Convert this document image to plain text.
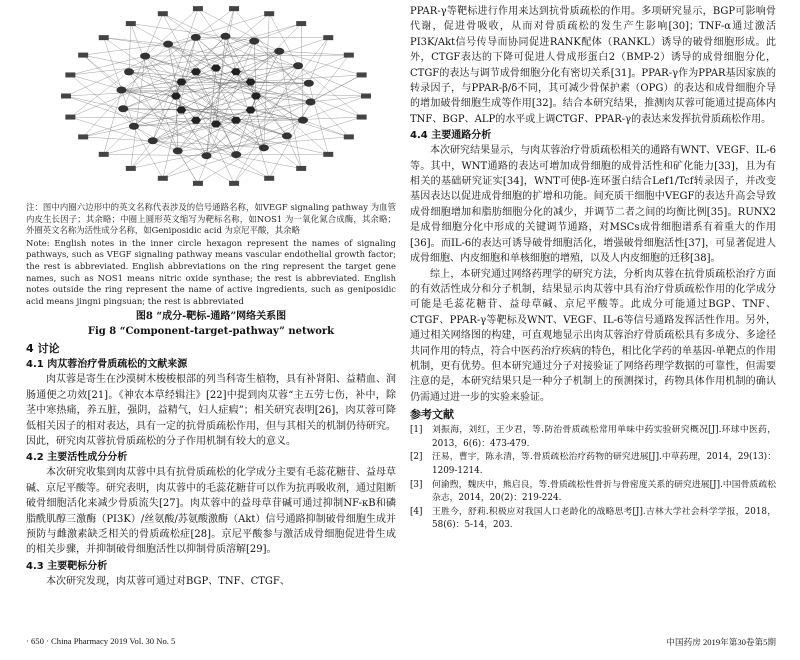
注：图中内圈六边形中的英文名称代表涉及的信号通路名称，如VEGF signaling pathway 为血管内皮生长因子；其余略；中圈上圆形英文缩写为靶标名称，如NOS1 为一氧化氮合成酶，其余略；外圈英文名称为活性成分名称，如Geniposidic acid 为京尼平酸，其余略

Note: English notes in the inner circle hexagon represent the names of signaling pathways, such as VEGF signaling pathway means vascular endothelial growth factor; the rest is abbreviated. English abbreviations on the ring represent the target gene names, such as NOS1 means nitric oxide synthase; the rest is abbreviated. English notes outside the ring represent the name of active ingredients, such as geniposidic acid means jingni pingsuan; the rest is abbreviated

图8 “成分-靶标-通路”网络关系图
Fig 8 “Component-target-pathway” network
4 讨论
4.1 肉苁蓉治疗骨质疏松的文献来源

肉苁蓉是寄生在沙漠树木梭梭根部的列当科寄生植物，具有补肾阳、益精血、润肠通便之功效[21]。《神农本草经辑注》[22]中提到肉苁蓉“主五劳七伤，补中，除茎中寒热痛，养五脏，强阴，益精气，妇人症瘕”；相关研究表明[26]，肉苁蓉可降低相关因子的相对表达，具有一定的抗骨质疏松作用，但与其相关的机制仍待研究。因此，研究肉苁蓉抗骨质疏松的分子作用机制有较大的意义。

4.2 主要活性成分分析

本次研究收集到肉苁蓉中具有抗骨质疏松的化学成分主要有毛蕊花糖苷、益母草碱、京尼平酸等。研究表明，肉苁蓉中的毛蕊花糖苷可以作为抗再吸收剂，通过阻断破骨细胞活化来减少骨质流失[27]。肉苁蓉中的益母草苷碱可通过抑制NF-κB和磷脂酰肌醇三激酶（PI3K）/丝氨酸/苏氨酸激酶（Akt）信号通路抑制破骨细胞生成并预防与雌激素缺乏相关的骨质疏松症[28]。京尼平酸参与激活成骨细胞促进骨生成的相关步骤，并抑制破骨细胞活性以抑制骨质溶解[29]。

4.3 主要靶标分析

本次研究发现，肉苁蓉可通过对BGP、TNF、CTGF、

PPAR-γ等靶标进行作用来达到抗骨质疏松的作用。多项研究显示，BGP可影响骨代谢，促进骨吸收，从而对骨质疏松的发生产生影响[30]；TNF-α通过激活PI3K/Akt信号传导而协同促进RANK配体（RANKL）诱导的破骨细胞形成。此外，CTGF表达的下降可促进人骨成形蛋白2（BMP-2）诱导的成骨细胞分化，CTGF的表达与调节成骨细胞分化有密切关系[31]。PPAR-γ作为PPAR基因家族的转录因子，与PPAR-β/δ不同，其可减少骨保护素（OPG）的表达和成骨细胞介导的增加破骨细胞生成等作用[32]。结合本研究结果，推测肉苁蓉可能通过提高体内TNF、BGP、ALP的水平或上调CTGF、PPAR-γ的表达来发挥抗骨质疏松作用。

4.4 主要通路分析

本次研究结果显示，与肉苁蓉治疗骨质疏松相关的通路有WNT、VEGF、IL-6等。其中，WNT通路的表达可增加成骨细胞的成骨活性和矿化能力[33]，且为有相关的基础研究证实[34]，WNT可使β-连环蛋白结合Lef1/Tcf转录因子，并改变基因表达以促进成骨细胞的扩增和功能。间充质干细胞中VEGF的表达升高会导致成骨细胞增加和脂肪细胞分化的减少，并调节二者之间的均衡比例[35]。RUNX2是成骨细胞分化中形成的关键调节通路，对MSCs成骨细胞谱系有着重大的作用[36]。而IL-6的表达可诱导破骨细胞活化，增强破骨细胞活性[37]，可显著促进人成骨细胞、内皮细胞和单核细胞的增殖，以及人内皮细胞的迁移[38]。

综上，本研究通过网络药理学的研究方法，分析肉苁蓉在抗骨质疏松治疗方面的有效活性成分和分子机制，结果显示肉苁蓉中具有治疗骨质疏松作用的化学成分可能是毛蕊花糖苷、益母草碱、京尼平酸等。此成分可能通过BGP、TNF、CTGF、PPAR-γ等靶标及WNT、VEGF、IL-6等信号通路发挥活性作用。另外，通过相关网络图的构建，可直观地显示出肉苁蓉治疗骨质疏松具有多成分、多途径共同作用的特点，符合中医药治疗疾病的特色，相比化学药的单基因-单靶点的作用机制，更有优势。但本研究通过分子对接验证了网络药理学数据的可靠性，但需要注意的是，本研究结果只是一种分子机制上的预测探讨，药物具体作用机制的确认仍需通过进一步的实验来验证。

参考文献
[1]	刘振海，刘红，王少君，等.防治骨质疏松常用单味中药实验研究概况[J].环球中医药，2013，6(6)：473-479.
[2]	汪易，曹宇，陈永清，等.骨质疏松治疗药物的研究进展[J].中草药理，2014，29(13)：1209-1214.
[3]	何渝煦，魏庆中，熊启良，等.骨质疏松性骨折与骨密度关系的研究进展[J].中国骨质疏松杂志，2014，20(2)：219-224.
[4]	王胜今，舒莉.积极应对我国人口老龄化的战略思考[J].吉林大学社会科学学报，2018，58(6)：5-14，203.
· 650 · China Pharmacy 2019 Vol. 30 No. 5	中国药房 2019年第30卷第5期
